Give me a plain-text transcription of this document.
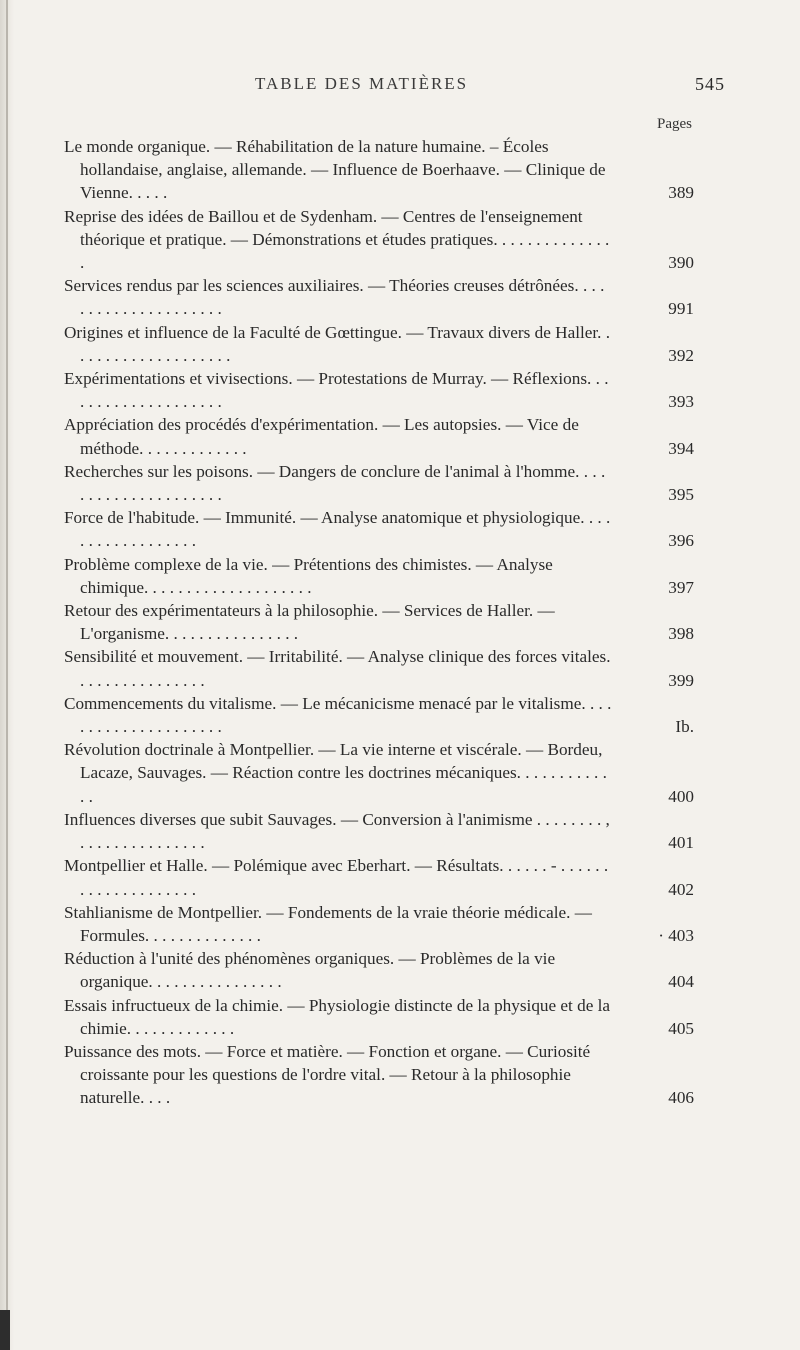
TABLE DES MATIÈRES	545
Pages
Le monde organique. — Réhabilitation de la nature humaine. – Écoles hollandaise, anglaise, allemande. — Influence de Boerhaave. — Clinique de Vienne. . . . .	389
Reprise des idées de Baillou et de Sydenham. — Centres de l'enseignement théorique et pratique. — Démonstrations et études pratiques. . . . . . . . . . . . . . .	390
Services rendus par les sciences auxiliaires. — Théories creuses détrônées. . . . . . . . . . . . . . . . . . . . .	991
Origines et influence de la Faculté de Gœttingue. — Travaux divers de Haller. . . . . . . . . . . . . . . . . . . .	392
Expérimentations et vivisections. — Protestations de Murray. — Réflexions. . . . . . . . . . . . . . . . . . . .	393
Appréciation des procédés d'expérimentation. — Les autopsies. — Vice de méthode. . . . . . . . . . . . .	394
Recherches sur les poisons. — Dangers de conclure de l'animal à l'homme. . . . . . . . . . . . . . . . . . . . .	395
Force de l'habitude. — Immunité. — Analyse anatomique et physiologique. . . . . . . . . . . . . . . . . .	396
Problème complexe de la vie. — Prétentions des chimistes. — Analyse chimique. . . . . . . . . . . . . . . . . . . .	397
Retour des expérimentateurs à la philosophie. — Services de Haller. — L'organisme. . . . . . . . . . . . . . . .	398
Sensibilité et mouvement. — Irritabilité. — Analyse clinique des forces vitales. . . . . . . . . . . . . . . .	399
Commencements du vitalisme. — Le mécanicisme menacé par le vitalisme. . . . . . . . . . . . . . . . . . . . .	Ib.
Révolution doctrinale à Montpellier. — La vie interne et viscérale. — Bordeu, Lacaze, Sauvages. — Réaction contre les doctrines mécaniques. . . . . . . . . . . . .	400
Influences diverses que subit Sauvages. — Conversion à l'animisme . . . . . . . . , . . . . . . . . . . . . . . .	401
Montpellier et Halle. — Polémique avec Eberhart. — Résultats. . . . . . - . . . . . . . . . . . . . . . . . . . .	402
Stahlianisme de Montpellier. — Fondements de la vraie théorie médicale. — Formules. . . . . . . . . . . . . .	· 403
Réduction à l'unité des phénomènes organiques. — Problèmes de la vie organique. . . . . . . . . . . . . . . .	404
Essais infructueux de la chimie. — Physiologie distincte de la physique et de la chimie. . . . . . . . . . . . .	405
Puissance des mots. — Force et matière. — Fonction et organe. — Curiosité croissante pour les questions de l'ordre vital. — Retour à la philosophie naturelle. . . .	406
